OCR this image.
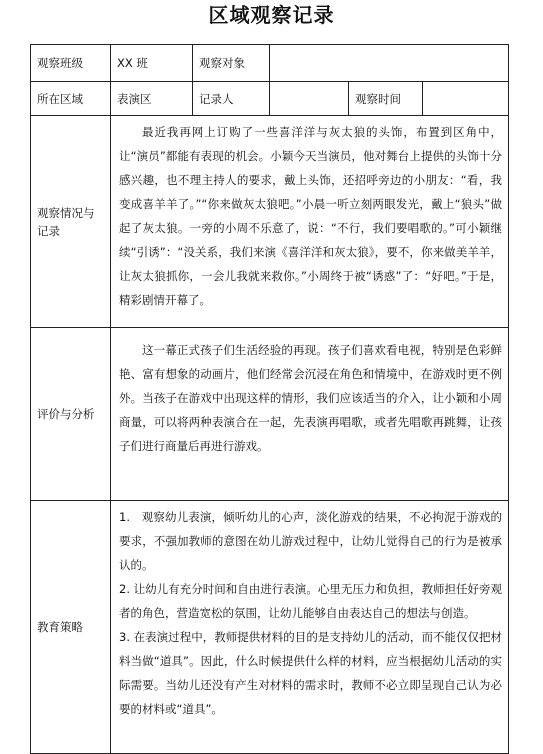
区域观察记录
观察班级	XX 班	观察对象			
所在区域	表演区	记录人		观察时间	
观察情况与记录	最近我再网上订购了一些喜洋洋与灰太狼的头饰，布置到区角中，让“演员”都能有表现的机会。小颖今天当演员，他对舞台上提供的头饰十分感兴趣，也不理主持人的要求，戴上头饰，还招呼旁边的小朋友：“看，我变成喜羊羊了。”“你来做灰太狼吧。”小晨一听立刻两眼发光，戴上“狼头”做起了灰太狼。一旁的小周不乐意了，说：“不行，我们要唱歌的。”可小颖继续“引诱”：“没关系，我们来演《喜洋洋和灰太狼》，要不，你来做美羊羊，让灰太狼抓你，一会儿我就来救你。”小周终于被“诱惑”了：“好吧。”于是，精彩剧情开幕了。				

评价与分析	这一幕正式孩子们生活经验的再现。孩子们喜欢看电视，特别是色彩鲜艳、富有想象的动画片，他们经常会沉浸在角色和情境中，在游戏时更不例外。当孩子在游戏中出现这样的情形，我们应该适当的介入，让小颖和小周商量，可以将两种表演合在一起，先表演再唱歌，或者先唱歌再跳舞，让孩子们进行商量后再进行游戏。				

教育策略	1.　观察幼儿表演，倾听幼儿的心声，淡化游戏的结果，不必拘泥于游戏的要求，不强加教师的意图在幼儿游戏过程中，让幼儿觉得自己的行为是被承认的。

2. 让幼儿有充分时间和自由进行表演。心里无压力和负担，教师担任好旁观者的角色，营造宽松的氛围，让幼儿能够自由表达自己的想法与创造。

3. 在表演过程中，教师提供材料的目的是支持幼儿的活动，而不能仅仅把材料当做“道具”。因此，什么时候提供什么样的材料，应当根据幼儿活动的实际需要。当幼儿还没有产生对材料的需求时，教师不必立即呈现自己认为必要的材料或“道具”。				
